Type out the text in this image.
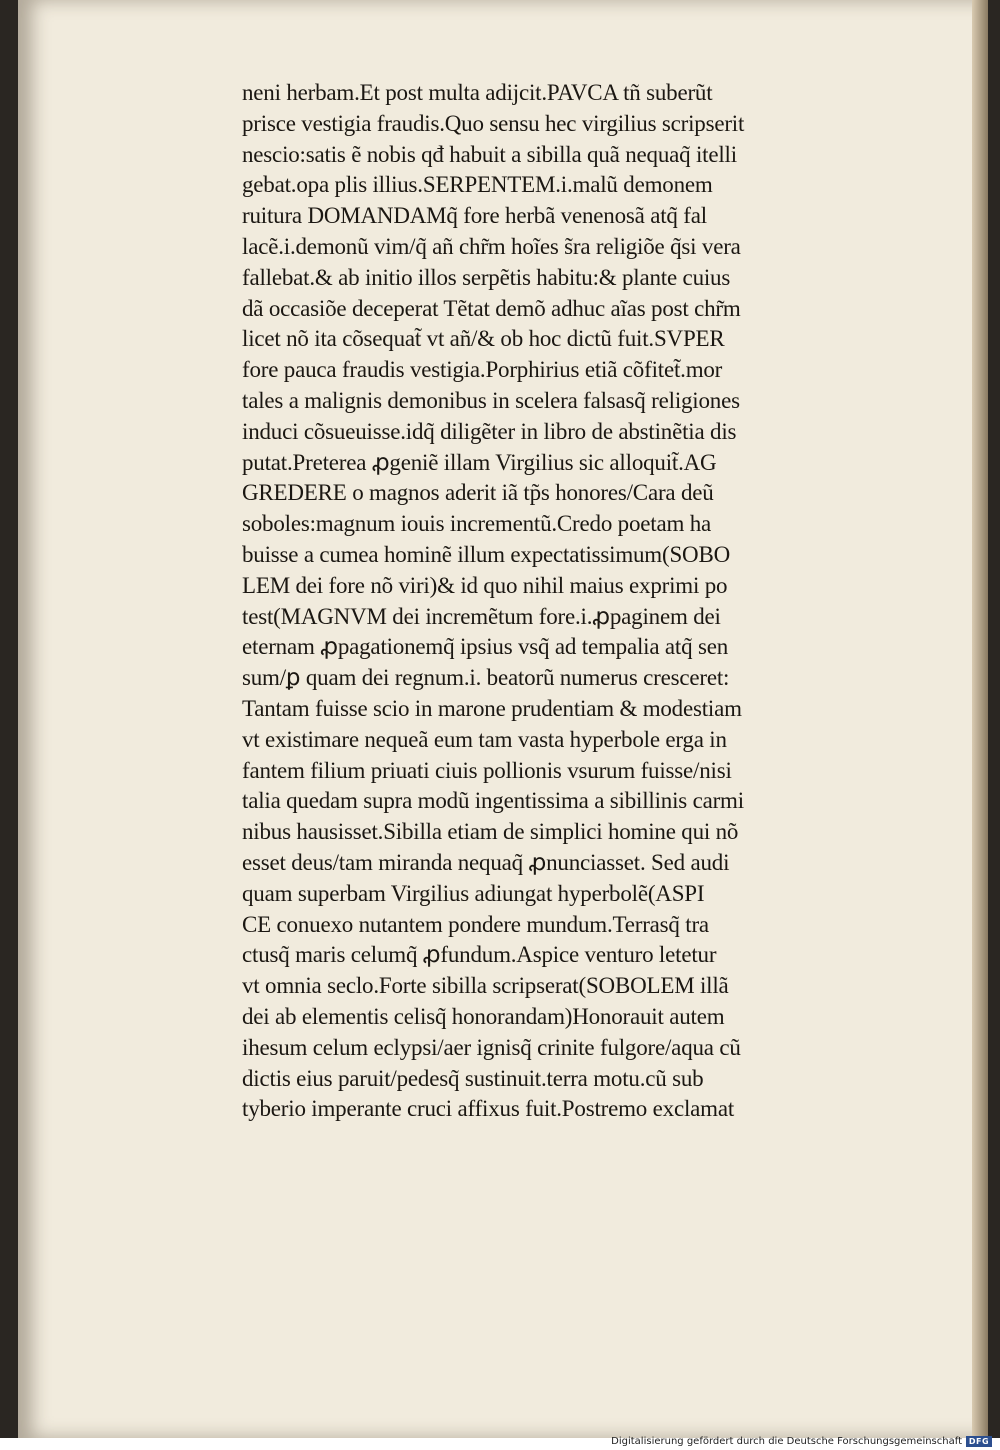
neni herbam.Et post multa adijcit.PAVCA tñ suberũt
prisce vestigia fraudis.Quo sensu hec virgilius scripserit
nescio:satis ẽ nobis qđ habuit a sibilla quã nequaq̃ itelli
gebat.opa plis illius.SERPENTEM.i.malũ demonem
ruitura DOMANDAMq̃ fore herbã venenosã atq̃ fal
lacẽ.i.demonũ vim/q̃ añ chr̃m hoĩes s̃ra religiõe q̃si vera
fallebat.& ab initio illos serpẽtis habitu:& plante cuius
dã occasiõe deceperat Tẽtat demõ adhuc aĩas post chr̃m
licet nõ ita cõsequat̃ vt añ/& ob hoc dictũ fuit.SVPER
fore pauca fraudis vestigia.Porphirius etiã cõfitet̃.mor
tales a malignis demonibus in scelera falsasq̃ religiones
induci cõsueuisse.idq̃ diligẽter in libro de abstinẽtia dis
putat.Preterea ꝓgeniẽ illam Virgilius sic alloquit̃.AG
GREDERE o magnos aderit iã tp̃s honores/Cara deũ
soboles:magnum iouis incrementũ.Credo poetam ha
buisse a cumea hominẽ illum expectatissimum(SOBO
LEM dei fore nõ viri)& id quo nihil maius exprimi po
test(MAGNVM dei incremẽtum fore.i.ꝓpaginem dei
eternam ꝓpagationemq̃ ipsius vsq̃ ad tempalia atq̃ sen
sum/ꝑ quam dei regnum.i. beatorũ numerus cresceret:
Tantam fuisse scio in marone prudentiam & modestiam
vt existimare nequeã eum tam vasta hyperbole erga in
fantem filium priuati ciuis pollionis vsurum fuisse/nisi
talia quedam supra modũ ingentissima a sibillinis carmi
nibus hausisset.Sibilla etiam de simplici homine qui nõ
esset deus/tam miranda nequaq̃ ꝓnunciasset. Sed audi
quam superbam Virgilius adiungat hyperbolẽ(ASPI
CE conuexo nutantem pondere mundum.Terrasq̃ tra
ctusq̃ maris celumq̃ ꝓfundum.Aspice venturo letetur
vt omnia seclo.Forte sibilla scripserat(SOBOLEM illã
dei ab elementis celisq̃ honorandam)Honorauit autem
ihesum celum eclypsi/aer ignisq̃ crinite fulgore/aqua cũ
dictis eius paruit/pedesq̃ sustinuit.terra motu.cũ sub
tyberio imperante cruci affixus fuit.Postremo exclamat
Digitalisierung gefördert durch die Deutsche Forschungsgemeinschaft DFG
